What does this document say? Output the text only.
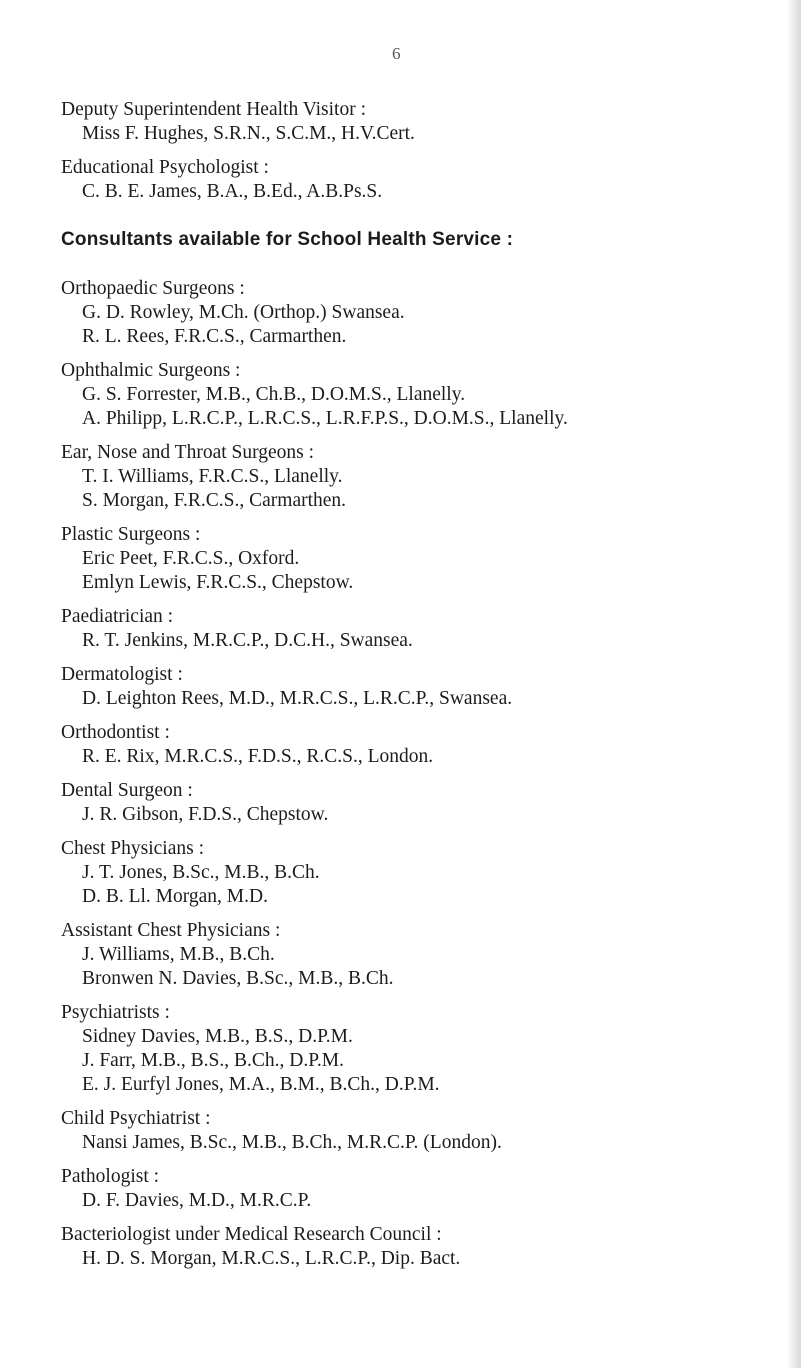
6
Deputy Superintendent Health Visitor :
Miss F. Hughes, S.R.N., S.C.M., H.V.Cert.
Educational Psychologist :
C. B. E. James, B.A., B.Ed., A.B.Ps.S.
Consultants available for School Health Service :
Orthopaedic Surgeons :
G. D. Rowley, M.Ch. (Orthop.) Swansea.
R. L. Rees, F.R.C.S., Carmarthen.
Ophthalmic Surgeons :
G. S. Forrester, M.B., Ch.B., D.O.M.S., Llanelly.
A. Philipp, L.R.C.P., L.R.C.S., L.R.F.P.S., D.O.M.S., Llanelly.
Ear, Nose and Throat Surgeons :
T. I. Williams, F.R.C.S., Llanelly.
S. Morgan, F.R.C.S., Carmarthen.
Plastic Surgeons :
Eric Peet, F.R.C.S., Oxford.
Emlyn Lewis, F.R.C.S., Chepstow.
Paediatrician :
R. T. Jenkins, M.R.C.P., D.C.H., Swansea.
Dermatologist :
D. Leighton Rees, M.D., M.R.C.S., L.R.C.P., Swansea.
Orthodontist :
R. E. Rix, M.R.C.S., F.D.S., R.C.S., London.
Dental Surgeon :
J. R. Gibson, F.D.S., Chepstow.
Chest Physicians :
J. T. Jones, B.Sc., M.B., B.Ch.
D. B. Ll. Morgan, M.D.
Assistant Chest Physicians :
J. Williams, M.B., B.Ch.
Bronwen N. Davies, B.Sc., M.B., B.Ch.
Psychiatrists :
Sidney Davies, M.B., B.S., D.P.M.
J. Farr, M.B., B.S., B.Ch., D.P.M.
E. J. Eurfyl Jones, M.A., B.M., B.Ch., D.P.M.
Child Psychiatrist :
Nansi James, B.Sc., M.B., B.Ch., M.R.C.P. (London).
Pathologist :
D. F. Davies, M.D., M.R.C.P.
Bacteriologist under Medical Research Council :
H. D. S. Morgan, M.R.C.S., L.R.C.P., Dip. Bact.
